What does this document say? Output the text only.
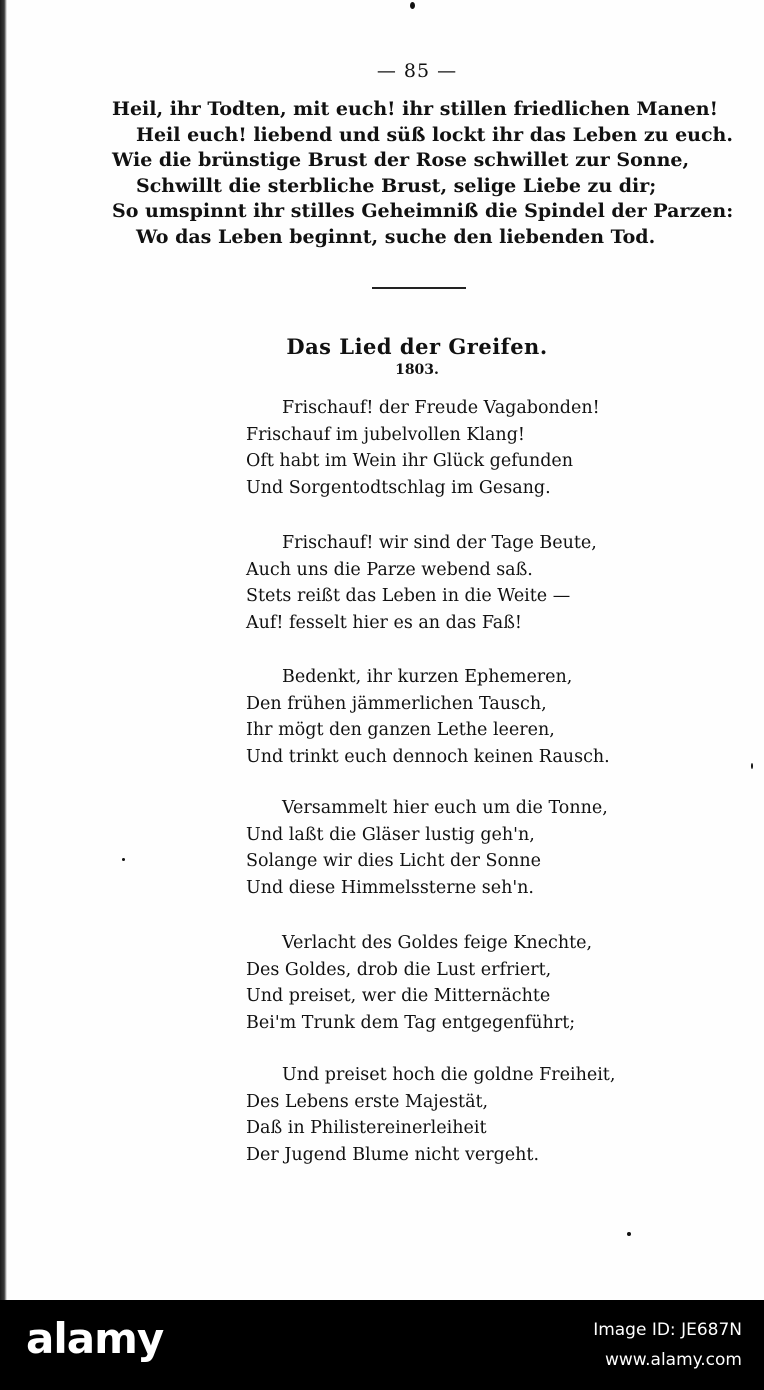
— 85 —
Heil, ihr Todten, mit euch! ihr stillen friedlichen Manen!
Heil euch! liebend und süß lockt ihr das Leben zu euch.
Wie die brünstige Brust der Rose schwillet zur Sonne,
Schwillt die sterbliche Brust, selige Liebe zu dir;
So umspinnt ihr stilles Geheimniß die Spindel der Parzen:
Wo das Leben beginnt, suche den liebenden Tod.
Das Lied der Greifen.
1803.
Frischauf! der Freude Vagabonden!
Frischauf im jubelvollen Klang!
Oft habt im Wein ihr Glück gefunden
Und Sorgentodtschlag im Gesang.
Frischauf! wir sind der Tage Beute,
Auch uns die Parze webend saß.
Stets reißt das Leben in die Weite —
Auf! fesselt hier es an das Faß!
Bedenkt, ihr kurzen Ephemeren,
Den frühen jämmerlichen Tausch,
Ihr mögt den ganzen Lethe leeren,
Und trinkt euch dennoch keinen Rausch.
Versammelt hier euch um die Tonne,
Und laßt die Gläser lustig geh'n,
Solange wir dies Licht der Sonne
Und diese Himmelssterne seh'n.
Verlacht des Goldes feige Knechte,
Des Goldes, drob die Lust erfriert,
Und preiset, wer die Mitternächte
Bei'm Trunk dem Tag entgegenführt;
Und preiset hoch die goldne Freiheit,
Des Lebens erste Majestät,
Daß in Philistereinerleiheit
Der Jugend Blume nicht vergeht.
alamy	Image ID: JE687N
www.alamy.com
